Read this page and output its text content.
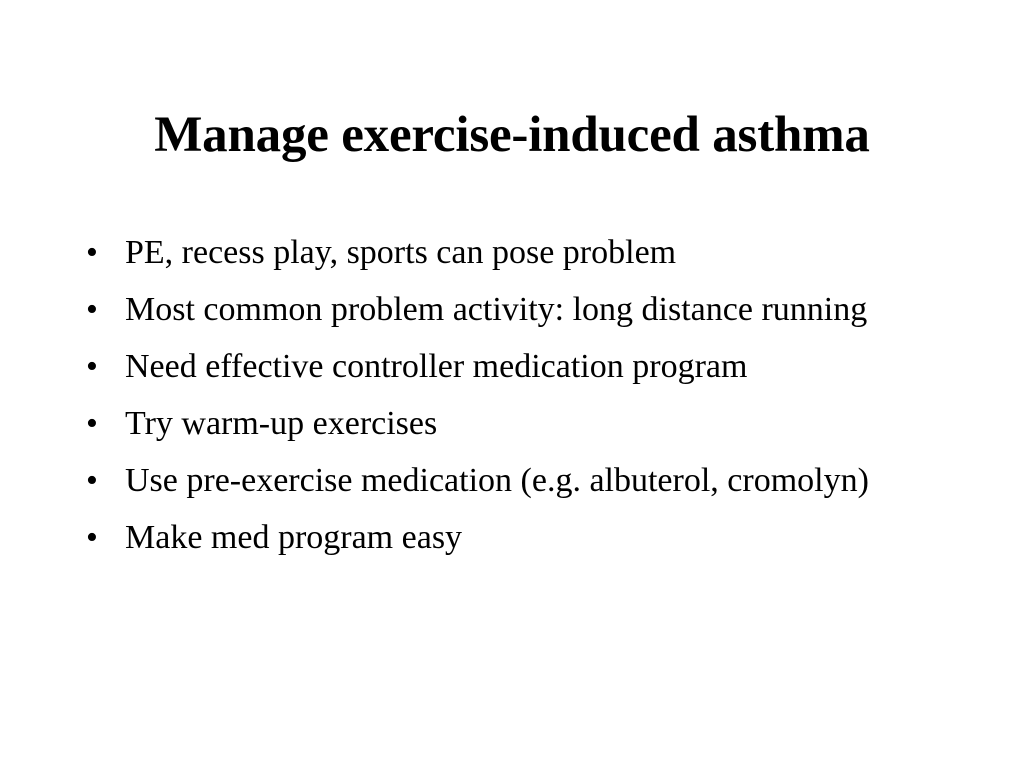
Manage exercise-induced asthma
• PE, recess play, sports can pose problem
• Most common problem activity: long distance running
• Need effective controller medication program
• Try warm-up exercises
• Use pre-exercise medication (e.g. albuterol, cromolyn)
• Make med program easy
